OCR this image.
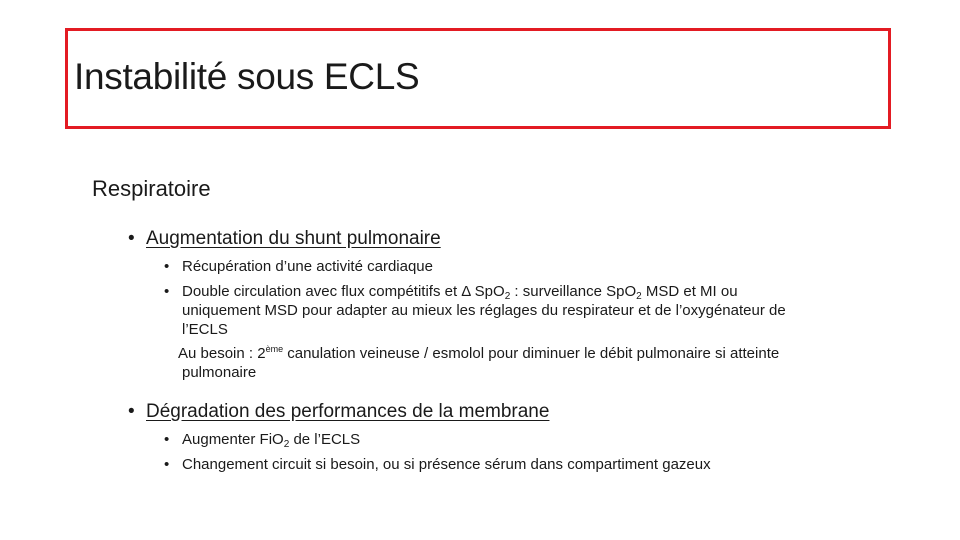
Instabilité sous ECLS
Respiratoire
• Augmentation du shunt pulmonaire
• Récupération d’une activité cardiaque
• Double circulation avec flux compétitifs et Δ SpO$_2$ : surveillance SpO$_2$ MSD et MI ou
uniquement MSD pour adapter au mieux les réglages du respirateur et de l’oxygénateur de
l’ECLS
Au besoin : 2ème canulation veineuse / esmolol pour diminuer le débit pulmonaire si atteinte
pulmonaire
• Dégradation des performances de la membrane
• Augmenter FiO$_2$ de l’ECLS
• Changement circuit si besoin, ou si présence sérum dans compartiment gazeux
